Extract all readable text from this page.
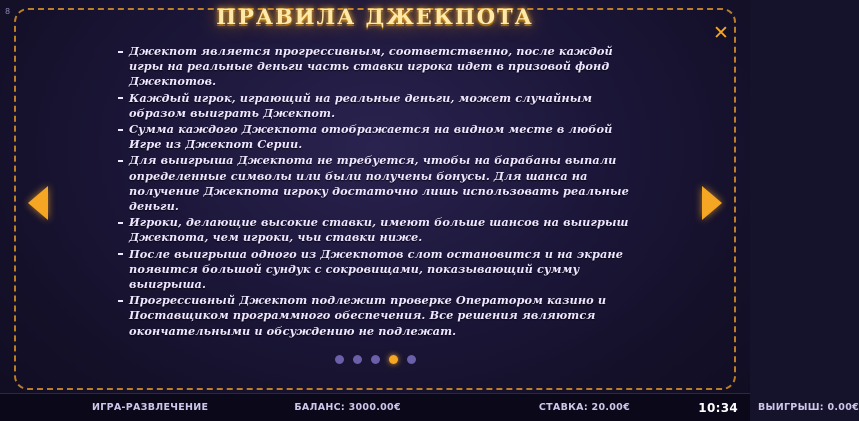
8	ПРАВИЛА ДЖЕКПОТА
✕
Джекпот является прогрессивным, соответственно, после каждой игры на реальные деньги часть ставки игрока идет в призовой фонд Джекпотов.
Каждый игрок, играющий на реальные деньги, может случайным образом выиграть Джекпот.
Сумма каждого Джекпота отображается на видном месте в любой Игре из Джекпот Серии.
Для выигрыша Джекпота не требуется, чтобы на барабаны выпали определенные символы или были получены бонусы. Для шанса на получение Джекпота игроку достаточно лишь использовать реальные деньги.
Игроки, делающие высокие ставки, имеют больше шансов на выигрыш Джекпота, чем игроки, чьи ставки ниже.
После выигрыша одного из Джекпотов слот остановится и на экране появится большой сундук с сокровищами, показывающий сумму выигрыша.
Прогрессивный Джекпот подлежит проверке Оператором казино и Поставщиком программного обеспечения. Все решения являются окончательными и обсуждению не подлежат.
ИГРА-РАЗВЛЕЧЕНИЕ	БАЛАНС: 3000.00€	СТАВКА: 20.00€	ВЫИГРЫШ: 0.00€
10:34
